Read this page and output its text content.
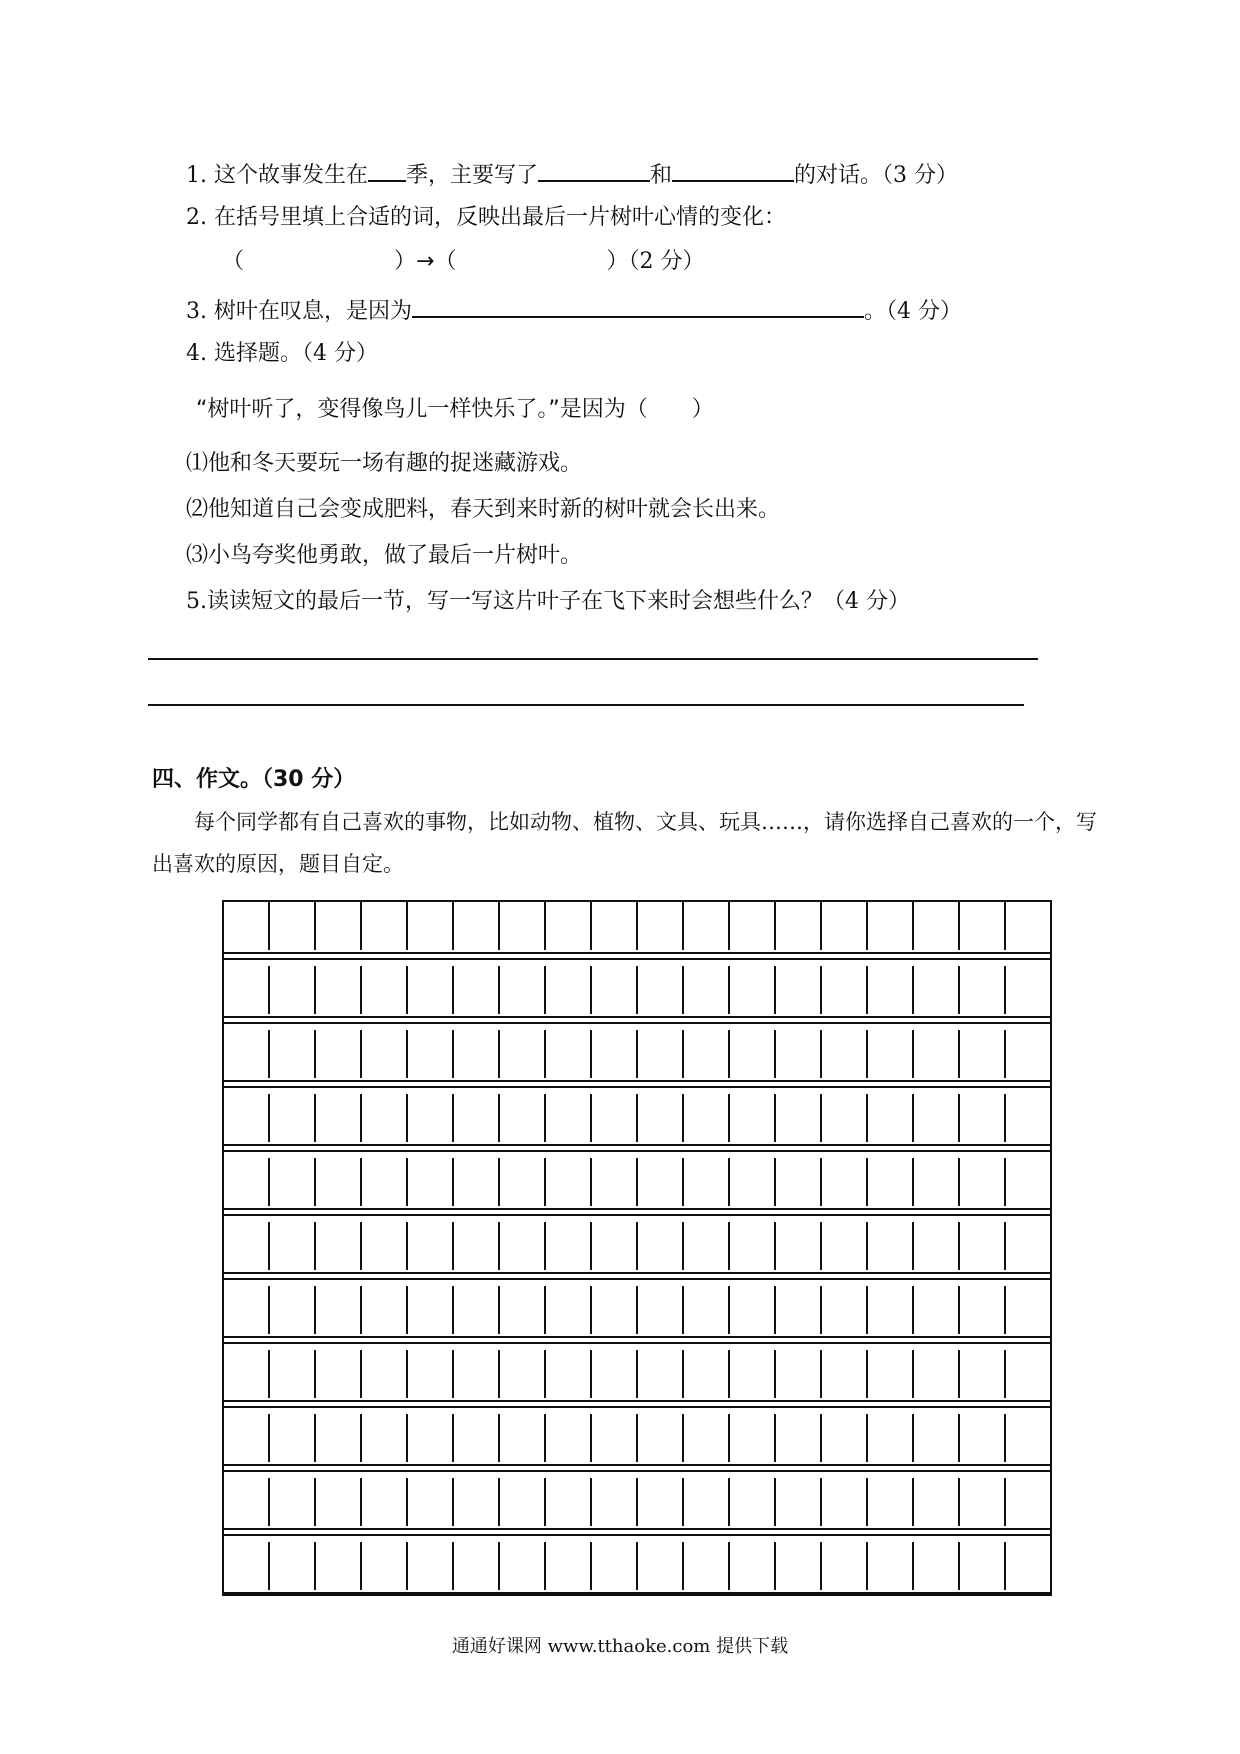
1. 这个故事发生在 季，主要写了	和	的对话。（3 分）
2. 在括号里填上合适的词，反映出最后一片树叶心情的变化：
（	）→（	）（2 分）
3. 树叶在叹息，是因为	。（4 分）
4. 选择题。（4 分）
“树叶听了，变得像鸟儿一样快乐了。”是因为（　　）
⑴他和冬天要玩一场有趣的捉迷藏游戏。
⑵他知道自己会变成肥料，春天到来时新的树叶就会长出来。
⑶小鸟夸奖他勇敢，做了最后一片树叶。
5.读读短文的最后一节，写一写这片叶子在飞下来时会想些什么？（4 分）
四、作文。（30 分）
每个同学都有自己喜欢的事物，比如动物、植物、文具、玩具……，请你选择自己喜欢的一个，写
出喜欢的原因，题目自定。
通通好课网 www.tthaoke.com 提供下载
